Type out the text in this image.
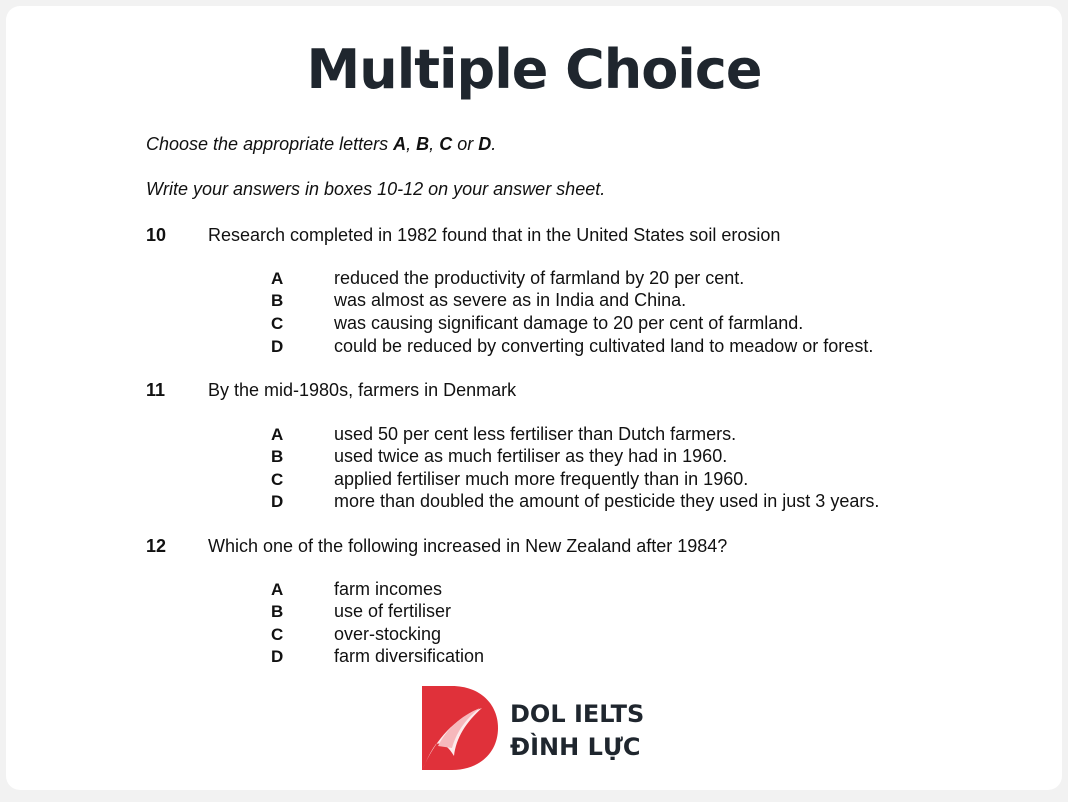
Multiple Choice
Choose the appropriate letters A, B, C or D.
Write your answers in boxes 10-12 on your answer sheet.
10 Research completed in 1982 found that in the United States soil erosion
A	reduced the productivity of farmland by 20 per cent.
B	was almost as severe as in India and China.
C	was causing significant damage to 20 per cent of farmland.
D	could be reduced by converting cultivated land to meadow or forest.
11 By the mid-1980s, farmers in Denmark
A	used 50 per cent less fertiliser than Dutch farmers.
B	used twice as much fertiliser as they had in 1960.
C	applied fertiliser much more frequently than in 1960.
D	more than doubled the amount of pesticide they used in just 3 years.
12 Which one of the following increased in New Zealand after 1984?
A	farm incomes
B	use of fertiliser
C	over-stocking
D	farm diversification
DOL IELTS
ĐÌNH LỰC
